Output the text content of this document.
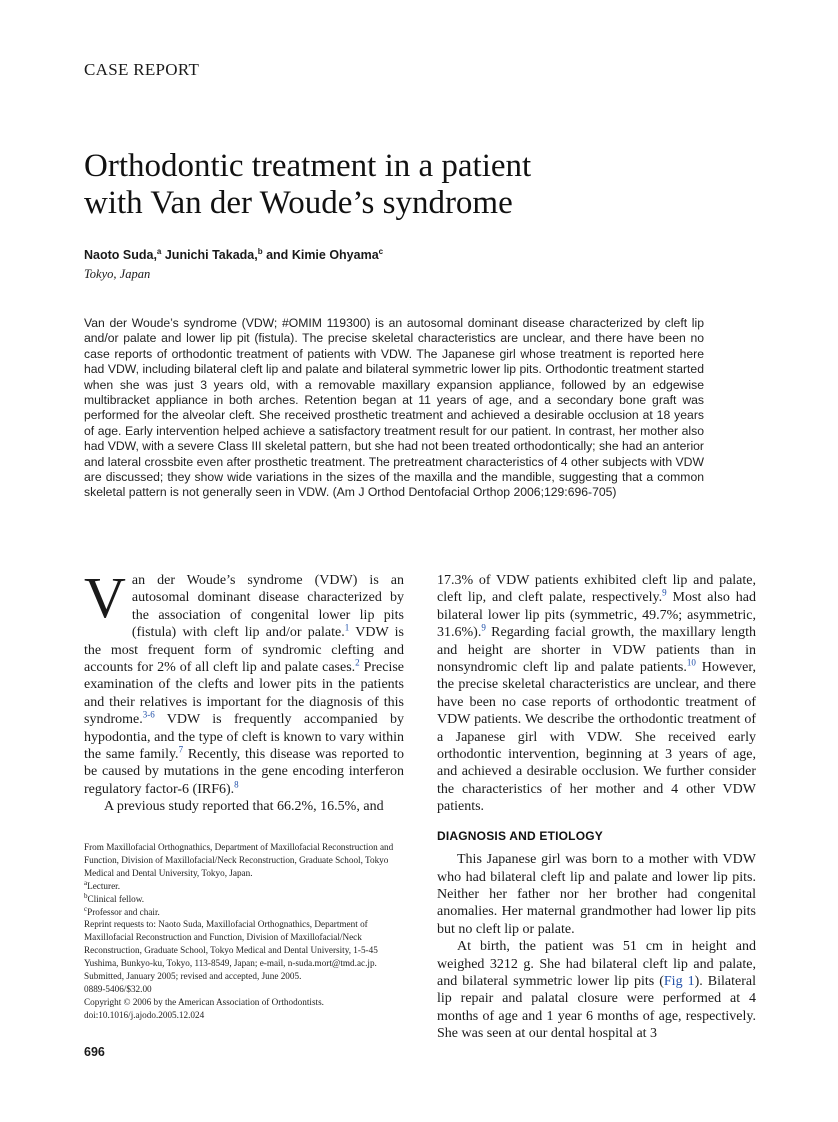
CASE REPORT
Orthodontic treatment in a patient
with Van der Woude’s syndrome
Naoto Suda,$^a$ Junichi Takada,$^b$ and Kimie Ohyama$^c$
Tokyo, Japan
Van der Woude’s syndrome (VDW; #OMIM 119300) is an autosomal dominant disease characterized by cleft lip and/or palate and lower lip pit (fistula). The precise skeletal characteristics are unclear, and there have been no case reports of orthodontic treatment of patients with VDW. The Japanese girl whose treatment is reported here had VDW, including bilateral cleft lip and palate and bilateral symmetric lower lip pits. Orthodontic treatment started when she was just 3 years old, with a removable maxillary expansion appliance, followed by an edgewise multibracket appliance in both arches. Retention began at 11 years of age, and a secondary bone graft was performed for the alveolar cleft. She received prosthetic treatment and achieved a desirable occlusion at 18 years of age. Early intervention helped achieve a satisfactory treatment result for our patient. In contrast, her mother also had VDW, with a severe Class III skeletal pattern, but she had not been treated orthodontically; she had an anterior and lateral crossbite even after prosthetic treatment. The pretreatment characteristics of 4 other subjects with VDW are discussed; they show wide variations in the sizes of the maxilla and the mandible, suggesting that a common skeletal pattern is not generally seen in VDW. (Am J Orthod Dentofacial Orthop 2006;129:696-705)

Van der Woude’s syndrome (VDW) is an autosomal dominant disease characterized by the association of congenital lower lip pits (fistula) with cleft lip and/or palate.$^1$ VDW is the most frequent form of syndromic clefting and accounts for 2% of all cleft lip and palate cases.$^2$ Precise examination of the clefts and lower pits in the patients and their relatives is important for the diagnosis of this syndrome.$^{3-6}$ VDW is frequently accompanied by hypodontia, and the type of cleft is known to vary within the same family.$^7$ Recently, this disease was reported to be caused by mutations in the gene encoding interferon regulatory factor-6 (IRF6).$^8$

A previous study reported that 66.2%, 16.5%, and

From Maxillofacial Orthognathics, Department of Maxillofacial Reconstruction and Function, Division of Maxillofacial/Neck Reconstruction, Graduate School, Tokyo Medical and Dental University, Tokyo, Japan.
$^a$Lecturer.
$^b$Clinical fellow.
$^c$Professor and chair.
Reprint requests to: Naoto Suda, Maxillofacial Orthognathics, Department of Maxillofacial Reconstruction and Function, Division of Maxillofacial/Neck Reconstruction, Graduate School, Tokyo Medical and Dental University, 1-5-45 Yushima, Bunkyo-ku, Tokyo, 113-8549, Japan; e-mail, n-suda.mort@tmd.ac.jp.
Submitted, January 2005; revised and accepted, June 2005.
0889-5406/$32.00
Copyright © 2006 by the American Association of Orthodontists.
doi:10.1016/j.ajodo.2005.12.024

17.3% of VDW patients exhibited cleft lip and palate, cleft lip, and cleft palate, respectively.$^9$ Most also had bilateral lower lip pits (symmetric, 49.7%; asymmetric, 31.6%).$^9$ Regarding facial growth, the maxillary length and height are shorter in VDW patients than in nonsyndromic cleft lip and palate patients.$^{10}$ However, the precise skeletal characteristics are unclear, and there have been no case reports of orthodontic treatment of VDW patients. We describe the orthodontic treatment of a Japanese girl with VDW. She received early orthodontic intervention, beginning at 3 years of age, and achieved a desirable occlusion. We further consider the characteristics of her mother and 4 other VDW patients.

DIAGNOSIS AND ETIOLOGY

This Japanese girl was born to a mother with VDW who had bilateral cleft lip and palate and lower lip pits. Neither her father nor her brother had congenital anomalies. Her maternal grandmother had lower lip pits but no cleft lip or palate.

At birth, the patient was 51 cm in height and weighed 3212 g. She had bilateral cleft lip and palate, and bilateral symmetric lower lip pits (Fig 1). Bilateral lip repair and palatal closure were performed at 4 months of age and 1 year 6 months of age, respectively. She was seen at our dental hospital at 3

696
